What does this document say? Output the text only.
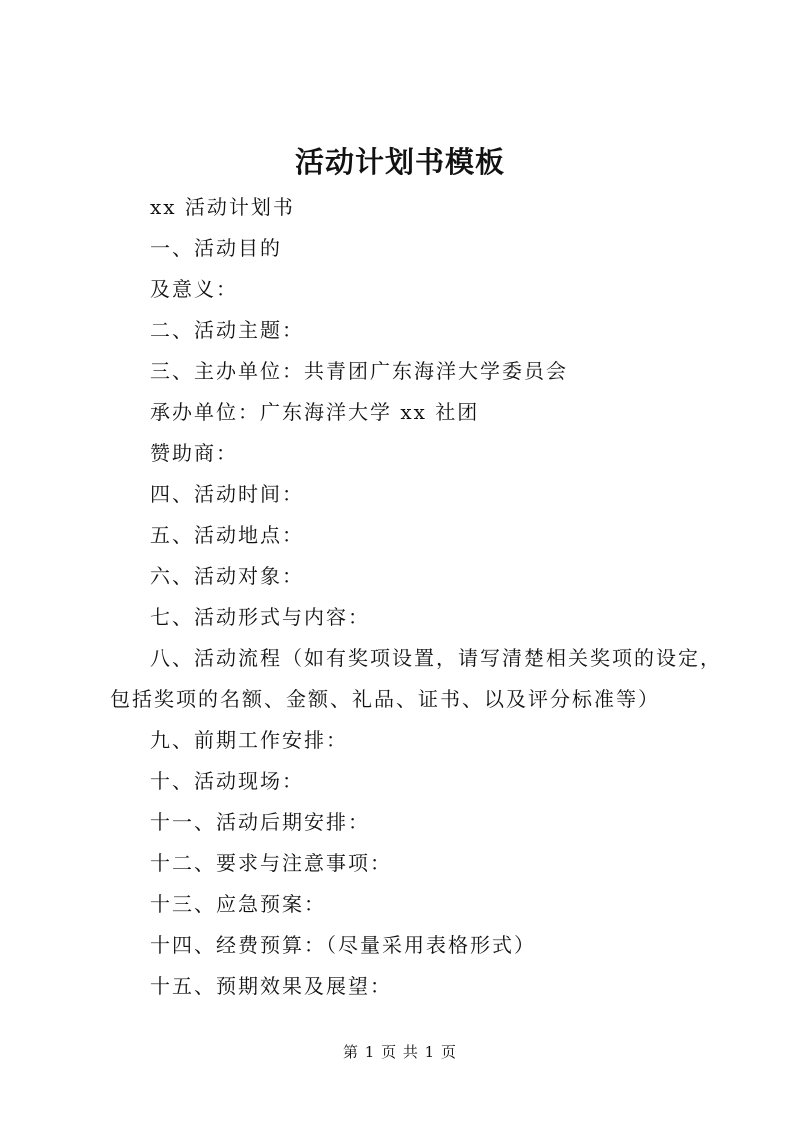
活动计划书模板
xx 活动计划书
一、活动目的
及意义：
二、活动主题：
三、主办单位：共青团广东海洋大学委员会
承办单位：广东海洋大学 xx 社团
赞助商：
四、活动时间：
五、活动地点：
六、活动对象：
七、活动形式与内容：
八、活动流程（如有奖项设置，请写清楚相关奖项的设定，包括奖项的名额、金额、礼品、证书、以及评分标准等）
九、前期工作安排：
十、活动现场：
十一、活动后期安排：
十二、要求与注意事项：
十三、应急预案：
十四、经费预算：（尽量采用表格形式）
十五、预期效果及展望：
第 1 页 共 1 页
